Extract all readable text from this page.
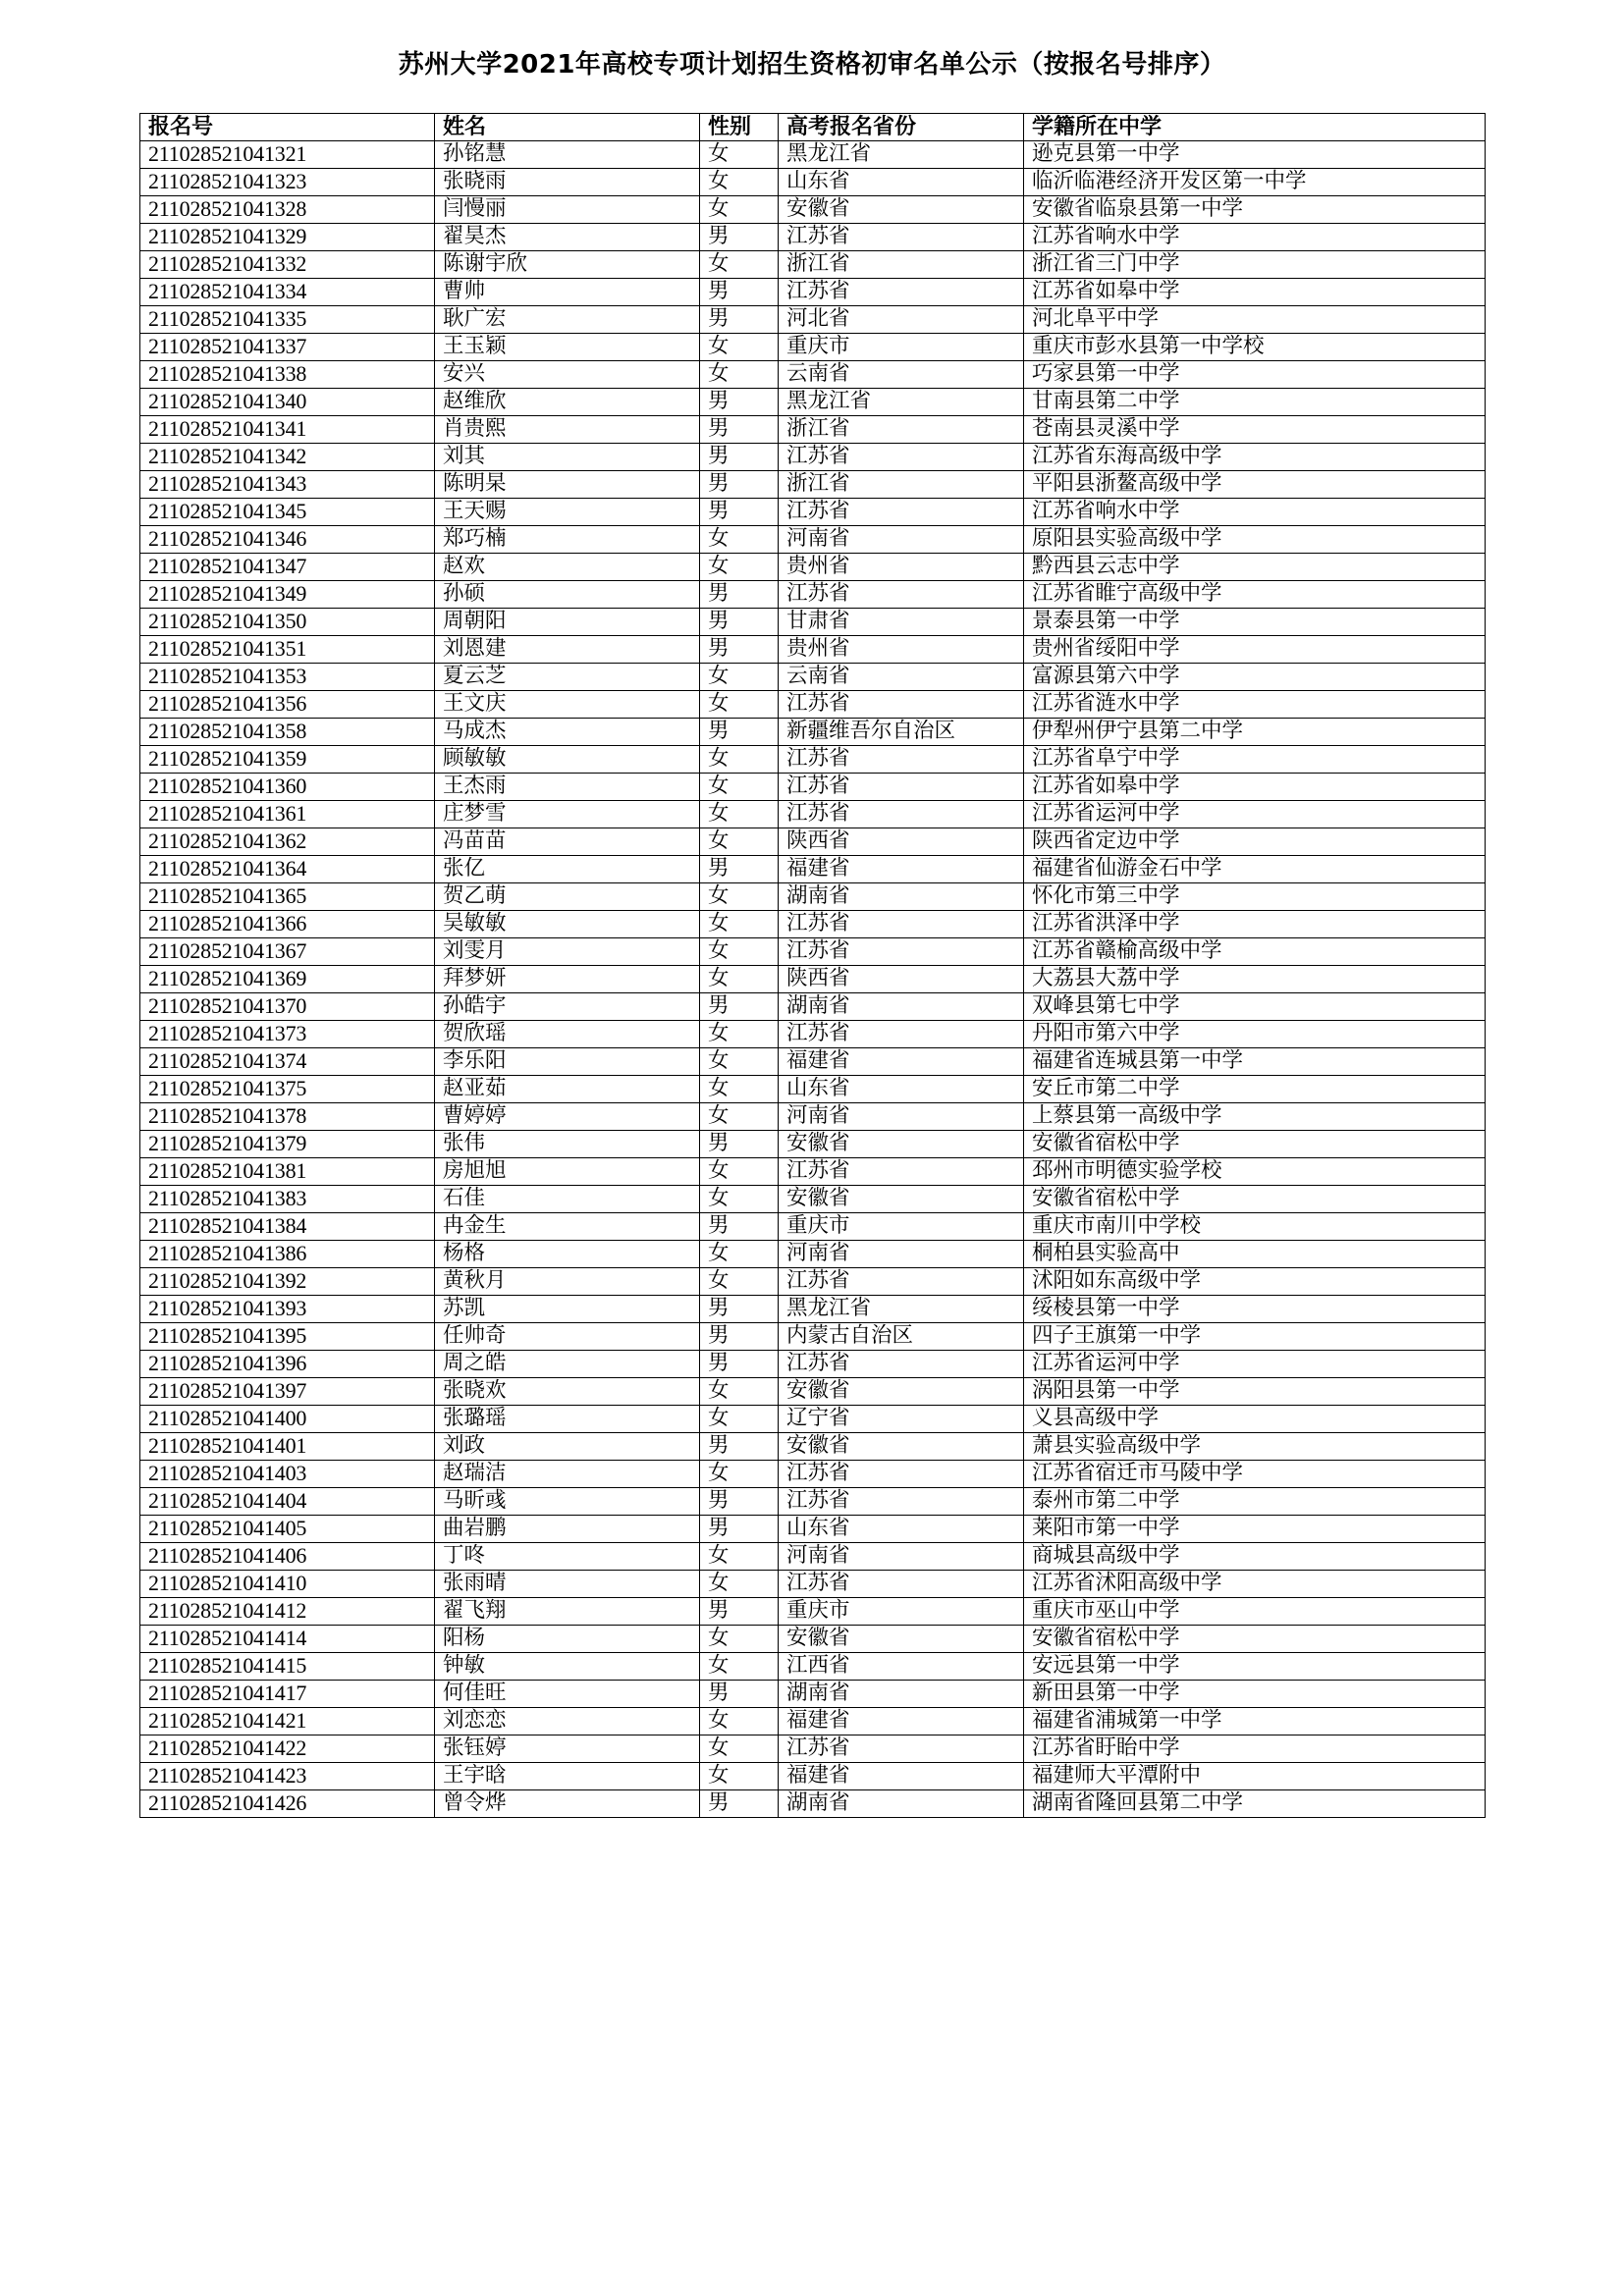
苏州大学2021年高校专项计划招生资格初审名单公示（按报名号排序）
报名号	姓名	性别	高考报名省份	学籍所在中学
211028521041321	孙铭慧	女	黑龙江省	逊克县第一中学
211028521041323	张晓雨	女	山东省	临沂临港经济开发区第一中学
211028521041328	闫慢丽	女	安徽省	安徽省临泉县第一中学
211028521041329	翟昊杰	男	江苏省	江苏省响水中学
211028521041332	陈谢宇欣	女	浙江省	浙江省三门中学
211028521041334	曹帅	男	江苏省	江苏省如皋中学
211028521041335	耿广宏	男	河北省	河北阜平中学
211028521041337	王玉颖	女	重庆市	重庆市彭水县第一中学校
211028521041338	安兴	女	云南省	巧家县第一中学
211028521041340	赵维欣	男	黑龙江省	甘南县第二中学
211028521041341	肖贵熙	男	浙江省	苍南县灵溪中学
211028521041342	刘其	男	江苏省	江苏省东海高级中学
211028521041343	陈明杲	男	浙江省	平阳县浙鳌高级中学
211028521041345	王天赐	男	江苏省	江苏省响水中学
211028521041346	郑巧楠	女	河南省	原阳县实验高级中学
211028521041347	赵欢	女	贵州省	黔西县云志中学
211028521041349	孙硕	男	江苏省	江苏省睢宁高级中学
211028521041350	周朝阳	男	甘肃省	景泰县第一中学
211028521041351	刘恩建	男	贵州省	贵州省绥阳中学
211028521041353	夏云芝	女	云南省	富源县第六中学
211028521041356	王文庆	女	江苏省	江苏省涟水中学
211028521041358	马成杰	男	新疆维吾尔自治区	伊犁州伊宁县第二中学
211028521041359	顾敏敏	女	江苏省	江苏省阜宁中学
211028521041360	王杰雨	女	江苏省	江苏省如皋中学
211028521041361	庄梦雪	女	江苏省	江苏省运河中学
211028521041362	冯苗苗	女	陕西省	陕西省定边中学
211028521041364	张亿	男	福建省	福建省仙游金石中学
211028521041365	贺乙萌	女	湖南省	怀化市第三中学
211028521041366	吴敏敏	女	江苏省	江苏省洪泽中学
211028521041367	刘雯月	女	江苏省	江苏省赣榆高级中学
211028521041369	拜梦妍	女	陕西省	大荔县大荔中学
211028521041370	孙皓宇	男	湖南省	双峰县第七中学
211028521041373	贺欣瑶	女	江苏省	丹阳市第六中学
211028521041374	李乐阳	女	福建省	福建省连城县第一中学
211028521041375	赵亚茹	女	山东省	安丘市第二中学
211028521041378	曹婷婷	女	河南省	上蔡县第一高级中学
211028521041379	张伟	男	安徽省	安徽省宿松中学
211028521041381	房旭旭	女	江苏省	邳州市明德实验学校
211028521041383	石佳	女	安徽省	安徽省宿松中学
211028521041384	冉金生	男	重庆市	重庆市南川中学校
211028521041386	杨格	女	河南省	桐柏县实验高中
211028521041392	黄秋月	女	江苏省	沭阳如东高级中学
211028521041393	苏凯	男	黑龙江省	绥棱县第一中学
211028521041395	任帅奇	男	内蒙古自治区	四子王旗第一中学
211028521041396	周之皓	男	江苏省	江苏省运河中学
211028521041397	张晓欢	女	安徽省	涡阳县第一中学
211028521041400	张璐瑶	女	辽宁省	义县高级中学
211028521041401	刘政	男	安徽省	萧县实验高级中学
211028521041403	赵瑞洁	女	江苏省	江苏省宿迁市马陵中学
211028521041404	马昕彧	男	江苏省	泰州市第二中学
211028521041405	曲岩鹏	男	山东省	莱阳市第一中学
211028521041406	丁咚	女	河南省	商城县高级中学
211028521041410	张雨晴	女	江苏省	江苏省沭阳高级中学
211028521041412	翟飞翔	男	重庆市	重庆市巫山中学
211028521041414	阳杨	女	安徽省	安徽省宿松中学
211028521041415	钟敏	女	江西省	安远县第一中学
211028521041417	何佳旺	男	湖南省	新田县第一中学
211028521041421	刘恋恋	女	福建省	福建省浦城第一中学
211028521041422	张钰婷	女	江苏省	江苏省盱眙中学
211028521041423	王宇晗	女	福建省	福建师大平潭附中
211028521041426	曾令烨	男	湖南省	湖南省隆回县第二中学
